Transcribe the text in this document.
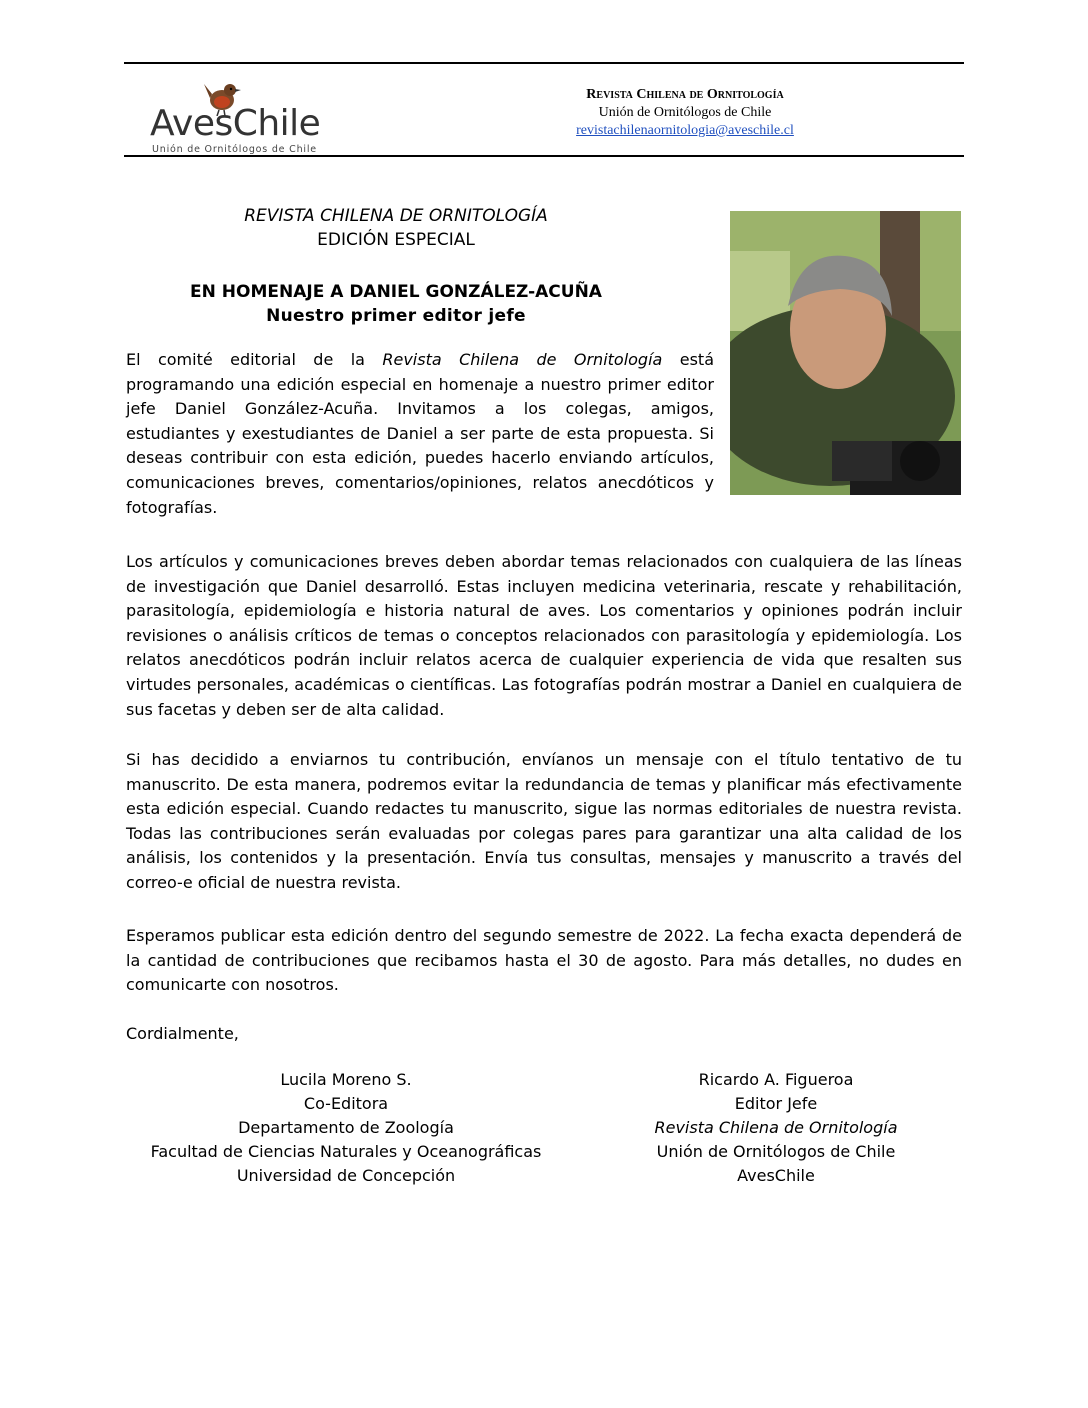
AvesChile
Unión de Ornitólogos de Chile
Revista Chilena de Ornitología
Unión de Ornitólogos de Chile
revistachilenaornitologia@aveschile.cl
REVISTA CHILENA DE ORNITOLOGÍA
EDICIÓN ESPECIAL
EN HOMENAJE A DANIEL GONZÁLEZ-ACUÑA
Nuestro primer editor jefe
El comité editorial de la Revista Chilena de Ornitología está programando una edición especial en homenaje a nuestro primer editor jefe Daniel González-Acuña. Invitamos a los colegas, amigos, estudiantes y exestudiantes de Daniel a ser parte de esta propuesta. Si deseas contribuir con esta edición, puedes hacerlo enviando artículos, comunicaciones breves, comentarios/opiniones, relatos anecdóticos y fotografías.
Los artículos y comunicaciones breves deben abordar temas relacionados con cualquiera de las líneas de investigación que Daniel desarrolló. Estas incluyen medicina veterinaria, rescate y rehabilitación, parasitología, epidemiología e historia natural de aves. Los comentarios y opiniones podrán incluir revisiones o análisis críticos de temas o conceptos relacionados con parasitología y epidemiología. Los relatos anecdóticos podrán incluir relatos acerca de cualquier experiencia de vida que resalten sus virtudes personales, académicas o científicas. Las fotografías podrán mostrar a Daniel en cualquiera de sus facetas y deben ser de alta calidad.
Si has decidido a enviarnos tu contribución, envíanos un mensaje con el título tentativo de tu manuscrito. De esta manera, podremos evitar la redundancia de temas y planificar más efectivamente esta edición especial. Cuando redactes tu manuscrito, sigue las normas editoriales de nuestra revista. Todas las contribuciones serán evaluadas por colegas pares para garantizar una alta calidad de los análisis, los contenidos y la presentación. Envía tus consultas, mensajes y manuscrito a través del correo-e oficial de nuestra revista.
Esperamos publicar esta edición dentro del segundo semestre de 2022. La fecha exacta dependerá de la cantidad de contribuciones que recibamos hasta el 30 de agosto. Para más detalles, no dudes en comunicarte con nosotros.
Cordialmente,
Lucila Moreno S.
Co-Editora
Departamento de Zoología
Facultad de Ciencias Naturales y Oceanográficas
Universidad de Concepción
Ricardo A. Figueroa
Editor Jefe
Revista Chilena de Ornitología
Unión de Ornitólogos de Chile
AvesChile
